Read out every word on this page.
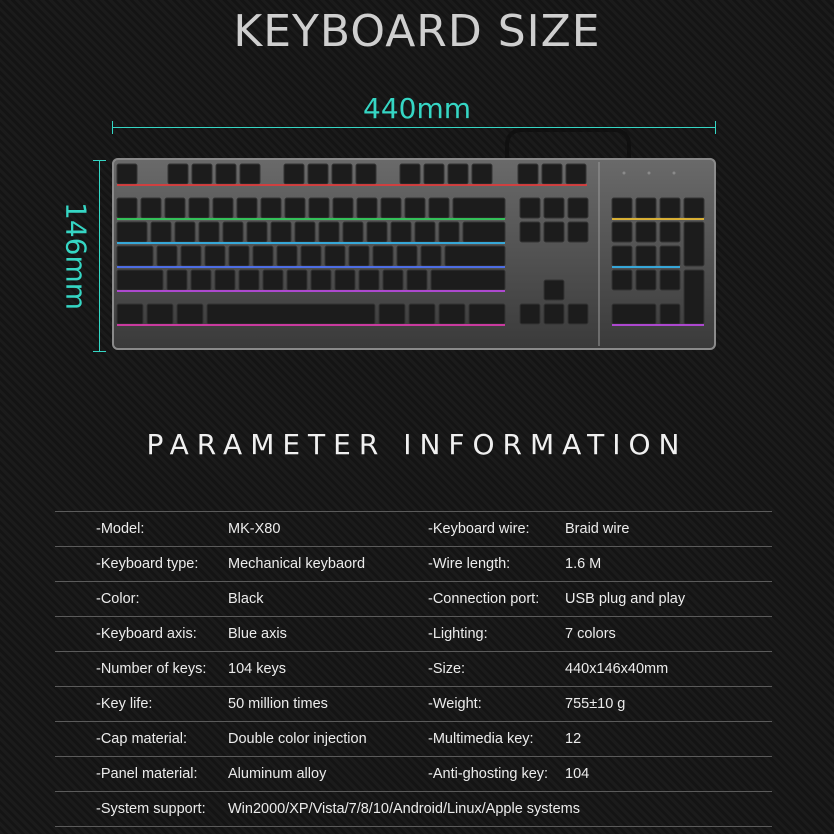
KEYBOARD SIZE
440mm
146mm
PARAMETER INFORMATION
-Model:	MK-X80	-Keyboard wire: Braid wire
-Keyboard type: Mechanical keybaord	-Wire length:	1.6 M
-Color:	Black	-Connection port: USB plug and play
-Keyboard axis: Blue axis	-Lighting:	7 colors
-Number of keys: 104 keys	-Size:	440x146x40mm
-Key life:	50 million times	-Weight:	755±10 g
-Cap material:	Double color injection	-Multimedia key: 12
-Panel material: Aluminum alloy	-Anti-ghosting key: 104
-System support: Win2000/XP/Vista/7/8/10/Android/Linux/Apple systems
